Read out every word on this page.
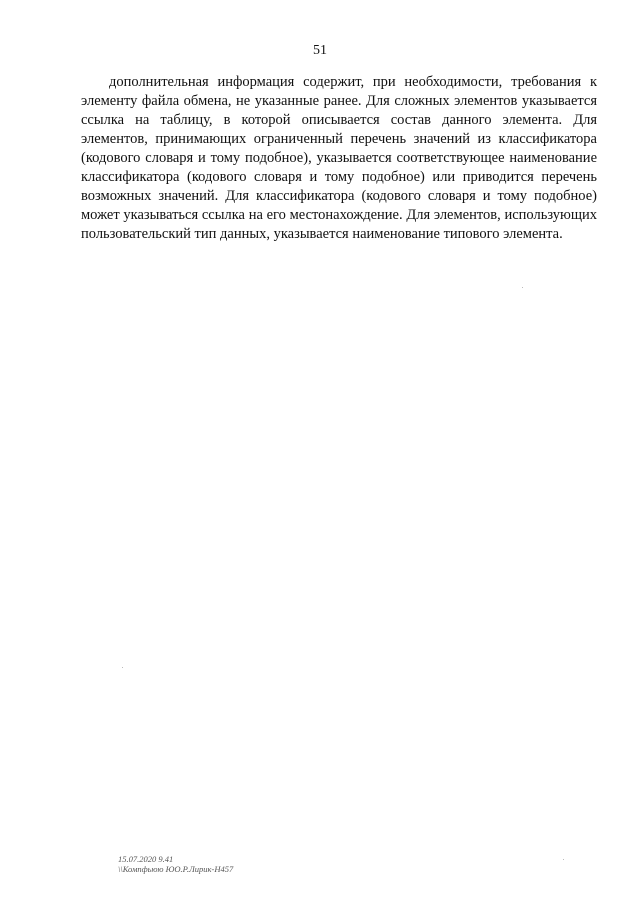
51

дополнительная информация содержит, при необходимости, требования к элементу файла обмена, не указанные ранее. Для сложных элементов указывается ссылка на таблицу, в которой описывается состав данного элемента. Для элементов, принимающих ограниченный перечень значений из классификатора (кодового словаря и тому подобное), указывается соответствующее наименование классификатора (кодового словаря и тому подобное) или приводится перечень возможных значений. Для классификатора (кодового словаря и тому подобное) может указываться ссылка на его местонахождение. Для элементов, использующих пользовательский тип данных, указывается наименование типового элемента.

15.07.2020 9.41
\\Компфьюю ЮО.Р.Лирик-Н457
